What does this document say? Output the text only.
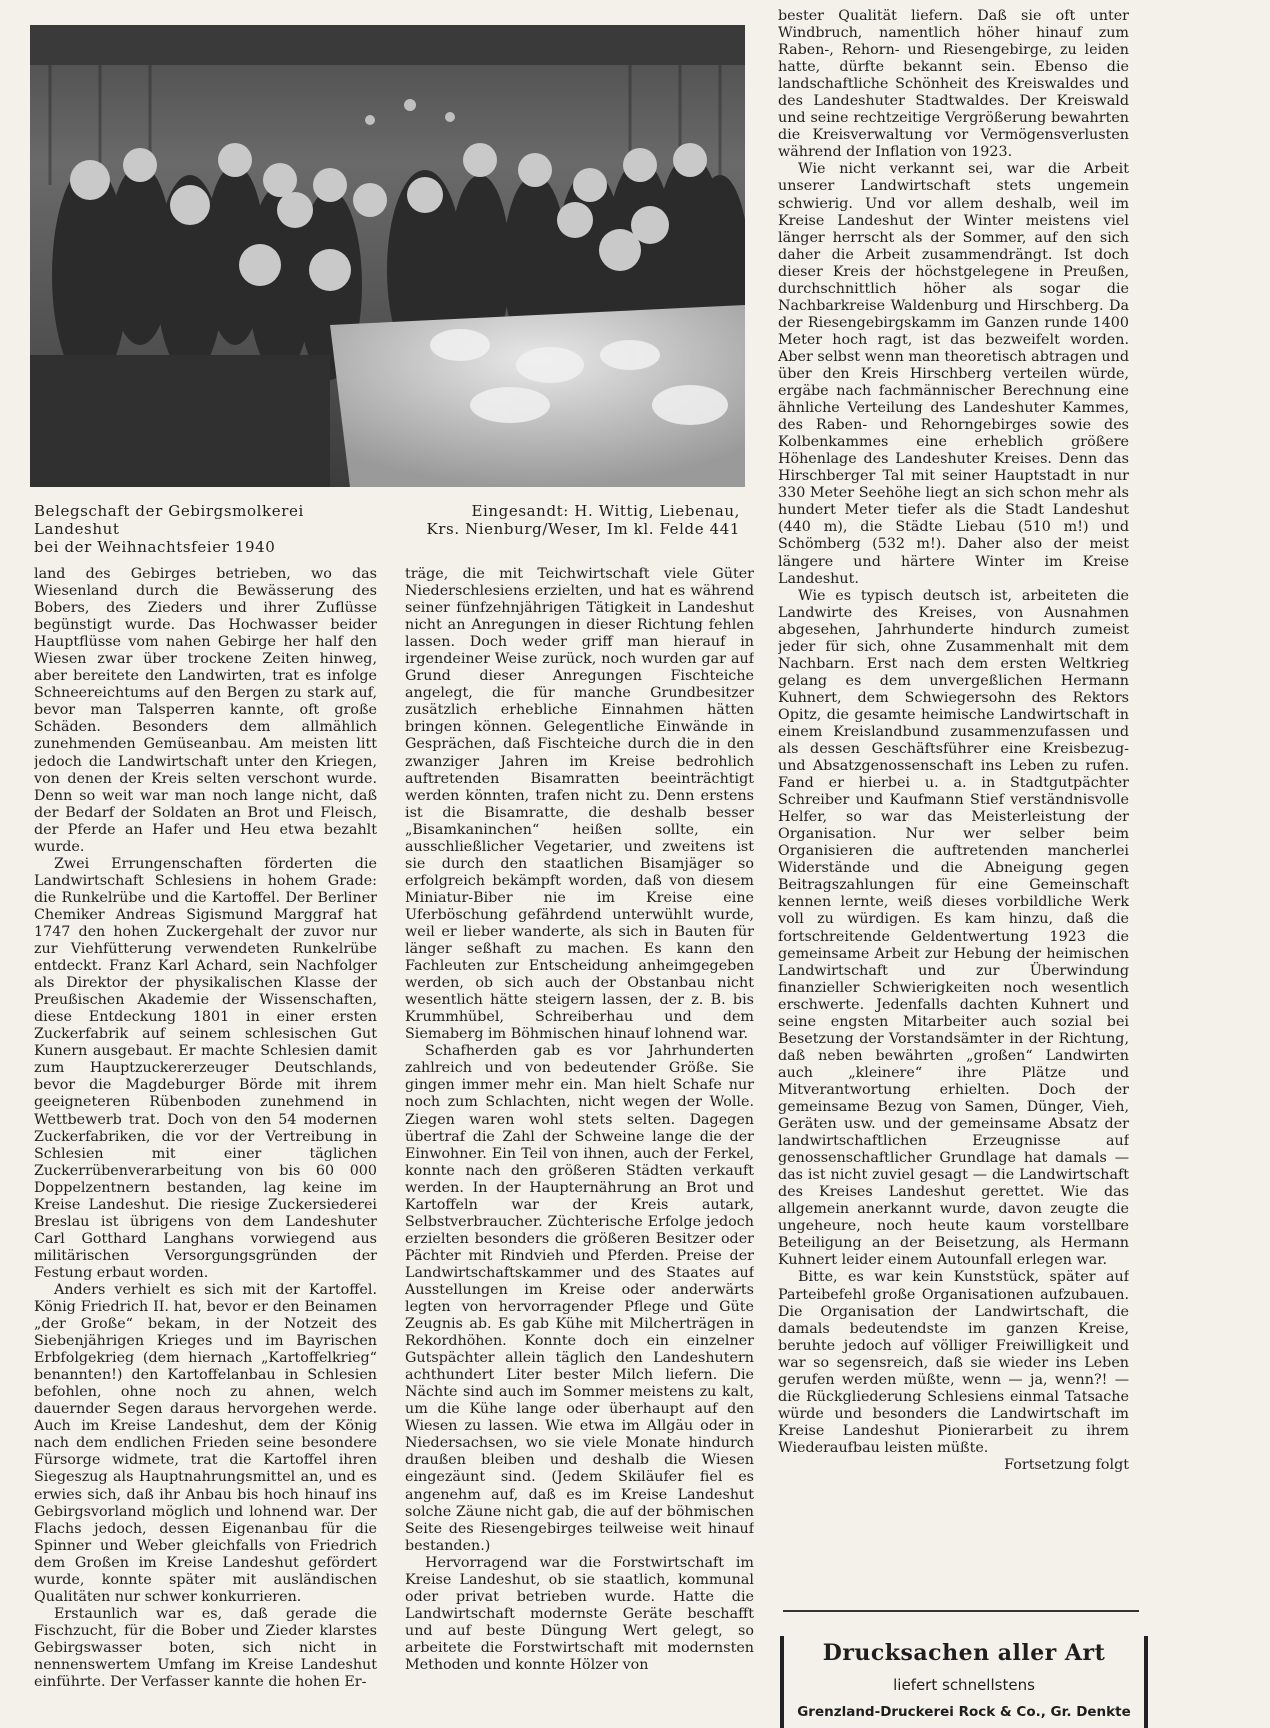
Belegschaft der Gebirgsmolkerei Landeshut
bei der Weihnachtsfeier 1940
Eingesandt: H. Wittig, Liebenau,
Krs. Nienburg/Weser, Im kl. Felde 441

land des Gebirges betrieben, wo das Wiesenland durch die Bewässerung des Bobers, des Zieders und ihrer Zuflüsse begünstigt wurde. Das Hochwasser beider Hauptflüsse vom nahen Gebirge her half den Wiesen zwar über trockene Zeiten hinweg, aber bereitete den Landwirten, trat es infolge Schneereichtums auf den Bergen zu stark auf, bevor man Talsperren kannte, oft große Schäden. Besonders dem allmählich zunehmenden Gemüseanbau. Am meisten litt jedoch die Landwirtschaft unter den Kriegen, von denen der Kreis selten verschont wurde. Denn so weit war man noch lange nicht, daß der Bedarf der Soldaten an Brot und Fleisch, der Pferde an Hafer und Heu etwa bezahlt wurde.

Zwei Errungenschaften förderten die Landwirtschaft Schlesiens in hohem Grade: die Runkelrübe und die Kartoffel. Der Berliner Chemiker Andreas Sigismund Marggraf hat 1747 den hohen Zuckergehalt der zuvor nur zur Viehfütterung verwendeten Runkelrübe entdeckt. Franz Karl Achard, sein Nachfolger als Direktor der physikalischen Klasse der Preußischen Akademie der Wissenschaften, diese Entdeckung 1801 in einer ersten Zuckerfabrik auf seinem schlesischen Gut Kunern ausgebaut. Er machte Schlesien damit zum Hauptzuckererzeuger Deutschlands, bevor die Magdeburger Börde mit ihrem geeigneteren Rübenboden zunehmend in Wettbewerb trat. Doch von den 54 modernen Zuckerfabriken, die vor der Vertreibung in Schlesien mit einer täglichen Zuckerrübenverarbeitung von bis 60 000 Doppelzentnern bestanden, lag keine im Kreise Landeshut. Die riesige Zuckersiederei Breslau ist übrigens von dem Landeshuter Carl Gotthard Langhans vorwiegend aus militärischen Versorgungsgründen der Festung erbaut worden.

Anders verhielt es sich mit der Kartoffel. König Friedrich II. hat, bevor er den Beinamen „der Große“ bekam, in der Notzeit des Siebenjährigen Krieges und im Bayrischen Erbfolgekrieg (dem hiernach „Kartoffelkrieg“ benannten!) den Kartoffelanbau in Schlesien befohlen, ohne noch zu ahnen, welch dauernder Segen daraus hervorgehen werde. Auch im Kreise Landeshut, dem der König nach dem endlichen Frieden seine besondere Fürsorge widmete, trat die Kartoffel ihren Siegeszug als Hauptnahrungsmittel an, und es erwies sich, daß ihr Anbau bis hoch hinauf ins Gebirgsvorland möglich und lohnend war. Der Flachs jedoch, dessen Eigenanbau für die Spinner und Weber gleichfalls von Friedrich dem Großen im Kreise Landeshut gefördert wurde, konnte später mit ausländischen Qualitäten nur schwer konkurrieren.

Erstaunlich war es, daß gerade die Fischzucht, für die Bober und Zieder klarstes Gebirgswasser boten, sich nicht in nennenswertem Umfang im Kreise Landeshut einführte. Der Verfasser kannte die hohen Er-

träge, die mit Teichwirtschaft viele Güter Niederschlesiens erzielten, und hat es während seiner fünfzehnjährigen Tätigkeit in Landeshut nicht an Anregungen in dieser Richtung fehlen lassen. Doch weder griff man hierauf in irgendeiner Weise zurück, noch wurden gar auf Grund dieser Anregungen Fischteiche angelegt, die für manche Grundbesitzer zusätzlich erhebliche Einnahmen hätten bringen können. Gelegentliche Einwände in Gesprächen, daß Fischteiche durch die in den zwanziger Jahren im Kreise bedrohlich auftretenden Bisamratten beeinträchtigt werden könnten, trafen nicht zu. Denn erstens ist die Bisamratte, die deshalb besser „Bisamkaninchen“ heißen sollte, ein ausschließlicher Vegetarier, und zweitens ist sie durch den staatlichen Bisamjäger so erfolgreich bekämpft worden, daß von diesem Miniatur-Biber nie im Kreise eine Uferböschung gefährdend unterwühlt wurde, weil er lieber wanderte, als sich in Bauten für länger seßhaft zu machen. Es kann den Fachleuten zur Entscheidung anheimgegeben werden, ob sich auch der Obstanbau nicht wesentlich hätte steigern lassen, der z. B. bis Krummhübel, Schreiberhau und dem Siemaberg im Böhmischen hinauf lohnend war.

Schafherden gab es vor Jahrhunderten zahlreich und von bedeutender Größe. Sie gingen immer mehr ein. Man hielt Schafe nur noch zum Schlachten, nicht wegen der Wolle. Ziegen waren wohl stets selten. Dagegen übertraf die Zahl der Schweine lange die der Einwohner. Ein Teil von ihnen, auch der Ferkel, konnte nach den größeren Städten verkauft werden. In der Haupternährung an Brot und Kartoffeln war der Kreis autark, Selbstverbraucher. Züchterische Erfolge jedoch erzielten besonders die größeren Besitzer oder Pächter mit Rindvieh und Pferden. Preise der Landwirtschaftskammer und des Staates auf Ausstellungen im Kreise oder anderwärts legten von hervorragender Pflege und Güte Zeugnis ab. Es gab Kühe mit Milcherträgen in Rekordhöhen. Konnte doch ein einzelner Gutspächter allein täglich den Landeshutern achthundert Liter bester Milch liefern. Die Nächte sind auch im Sommer meistens zu kalt, um die Kühe lange oder überhaupt auf den Wiesen zu lassen. Wie etwa im Allgäu oder in Niedersachsen, wo sie viele Monate hindurch draußen bleiben und deshalb die Wiesen eingezäunt sind. (Jedem Skiläufer fiel es angenehm auf, daß es im Kreise Landeshut solche Zäune nicht gab, die auf der böhmischen Seite des Riesengebirges teilweise weit hinauf bestanden.)

Hervorragend war die Forstwirtschaft im Kreise Landeshut, ob sie staatlich, kommunal oder privat betrieben wurde. Hatte die Landwirtschaft modernste Geräte beschafft und auf beste Düngung Wert gelegt, so arbeitete die Forstwirtschaft mit modernsten Methoden und konnte Hölzer von

bester Qualität liefern. Daß sie oft unter Windbruch, namentlich höher hinauf zum Raben-, Rehorn- und Riesengebirge, zu leiden hatte, dürfte bekannt sein. Ebenso die landschaftliche Schönheit des Kreiswaldes und des Landeshuter Stadtwaldes. Der Kreiswald und seine rechtzeitige Vergrößerung bewahrten die Kreisverwaltung vor Vermögensverlusten während der Inflation von 1923.

Wie nicht verkannt sei, war die Arbeit unserer Landwirtschaft stets ungemein schwierig. Und vor allem deshalb, weil im Kreise Landeshut der Winter meistens viel länger herrscht als der Sommer, auf den sich daher die Arbeit zusammendrängt. Ist doch dieser Kreis der höchstgelegene in Preußen, durchschnittlich höher als sogar die Nachbarkreise Waldenburg und Hirschberg. Da der Riesengebirgskamm im Ganzen runde 1400 Meter hoch ragt, ist das bezweifelt worden. Aber selbst wenn man theoretisch abtragen und über den Kreis Hirschberg verteilen würde, ergäbe nach fachmännischer Berechnung eine ähnliche Verteilung des Landeshuter Kammes, des Raben- und Rehorngebirges sowie des Kolbenkammes eine erheblich größere Höhenlage des Landeshuter Kreises. Denn das Hirschberger Tal mit seiner Hauptstadt in nur 330 Meter Seehöhe liegt an sich schon mehr als hundert Meter tiefer als die Stadt Landeshut (440 m), die Städte Liebau (510 m!) und Schömberg (532 m!). Daher also der meist längere und härtere Winter im Kreise Landeshut.

Wie es typisch deutsch ist, arbeiteten die Landwirte des Kreises, von Ausnahmen abgesehen, Jahrhunderte hindurch zumeist jeder für sich, ohne Zusammenhalt mit dem Nachbarn. Erst nach dem ersten Weltkrieg gelang es dem unvergeßlichen Hermann Kuhnert, dem Schwiegersohn des Rektors Opitz, die gesamte heimische Landwirtschaft in einem Kreislandbund zusammenzufassen und als dessen Geschäftsführer eine Kreisbezug- und Absatzgenossenschaft ins Leben zu rufen. Fand er hierbei u. a. in Stadtgutpächter Schreiber und Kaufmann Stief verständnisvolle Helfer, so war das Meisterleistung der Organisation. Nur wer selber beim Organisieren die auftretenden mancherlei Widerstände und die Abneigung gegen Beitragszahlungen für eine Gemeinschaft kennen lernte, weiß dieses vorbildliche Werk voll zu würdigen. Es kam hinzu, daß die fortschreitende Geldentwertung 1923 die gemeinsame Arbeit zur Hebung der heimischen Landwirtschaft und zur Überwindung finanzieller Schwierigkeiten noch wesentlich erschwerte. Jedenfalls dachten Kuhnert und seine engsten Mitarbeiter auch sozial bei Besetzung der Vorstandsämter in der Richtung, daß neben bewährten „großen“ Landwirten auch „kleinere“ ihre Plätze und Mitverantwortung erhielten. Doch der gemeinsame Bezug von Samen, Dünger, Vieh, Geräten usw. und der gemeinsame Absatz der landwirtschaftlichen Erzeugnisse auf genossenschaftlicher Grundlage hat damals — das ist nicht zuviel gesagt — die Landwirtschaft des Kreises Landeshut gerettet. Wie das allgemein anerkannt wurde, davon zeugte die ungeheure, noch heute kaum vorstellbare Beteiligung an der Beisetzung, als Hermann Kuhnert leider einem Autounfall erlegen war.

Bitte, es war kein Kunststück, später auf Parteibefehl große Organisationen aufzubauen. Die Organisation der Landwirtschaft, die damals bedeutendste im ganzen Kreise, beruhte jedoch auf völliger Freiwilligkeit und war so segensreich, daß sie wieder ins Leben gerufen werden müßte, wenn — ja, wenn?! — die Rückgliederung Schlesiens einmal Tatsache würde und besonders die Landwirtschaft im Kreise Landeshut Pionierarbeit zu ihrem Wiederaufbau leisten müßte.

Fortsetzung folgt

Drucksachen aller Art
liefert schnellstens
Grenzland-Druckerei Rock & Co., Gr. Denkte
